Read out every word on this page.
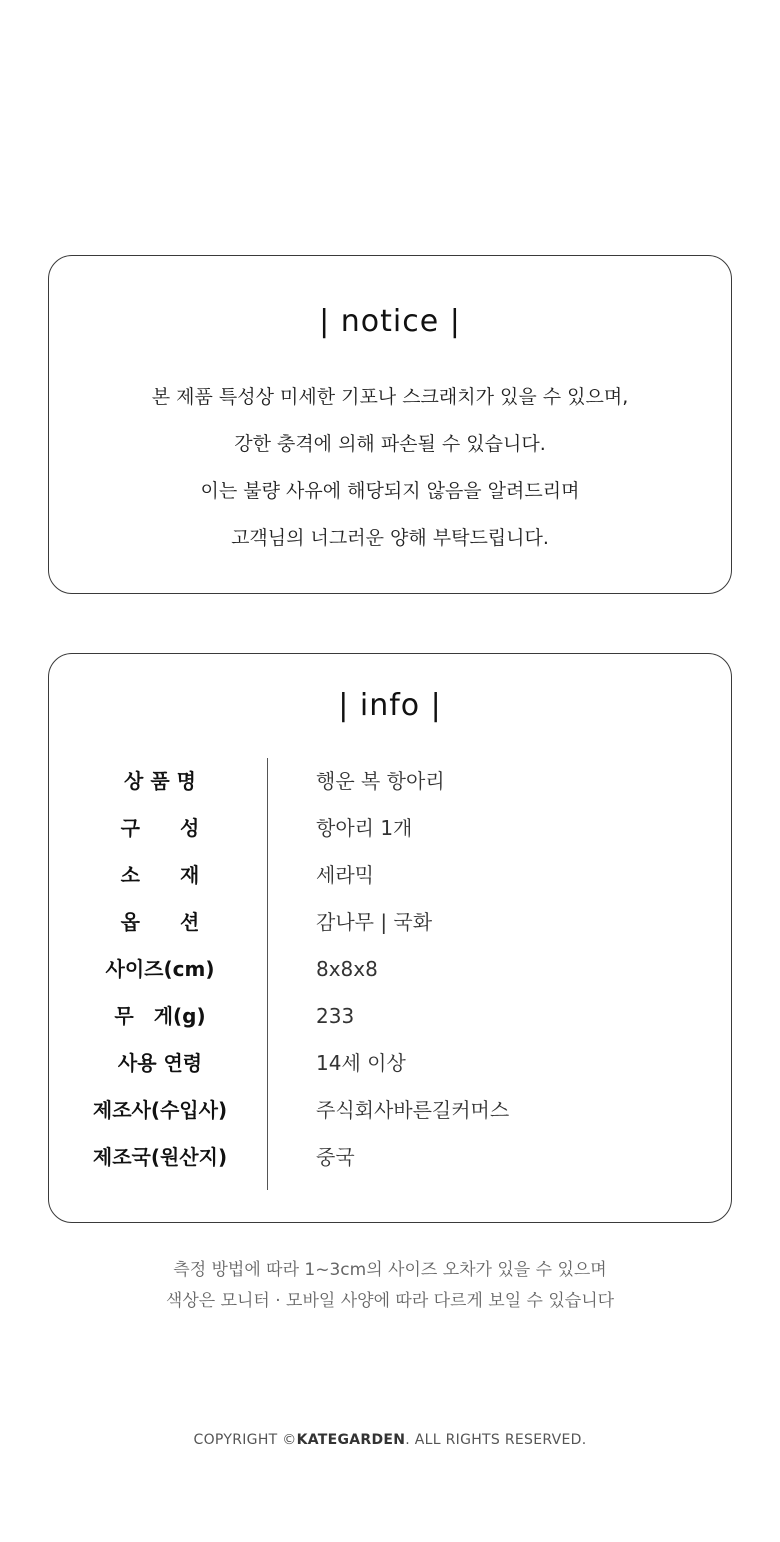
| notice |
본 제품 특성상 미세한 기포나 스크래치가 있을 수 있으며,
강한 충격에 의해 파손될 수 있습니다.
이는 불량 사유에 해당되지 않음을 알려드리며
고객님의 너그러운 양해 부탁드립니다.
| info |
상 품 명	행운 복 항아리
구　　성	항아리 1개
소　　재	세라믹
옵　　션	감나무 | 국화
사이즈(cm)	8x8x8
무　게(g)	233
사용 연령	14세 이상
제조사(수입사)	주식회사바른길커머스
제조국(원산지)	중국
측정 방법에 따라 1~3cm의 사이즈 오차가 있을 수 있으며
색상은 모니터 · 모바일 사양에 따라 다르게 보일 수 있습니다
COPYRIGHT ©KATEGARDEN. ALL RIGHTS RESERVED.
